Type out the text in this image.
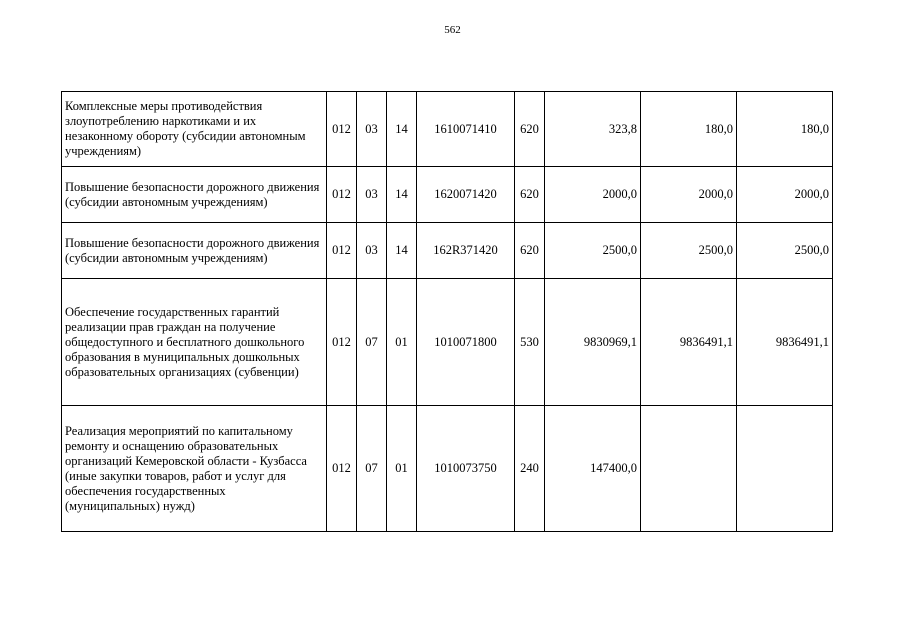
562
Комплексные меры противодействия злоупотреблению наркотиками и их незаконному обороту (субсидии автономным учреждениям)	012	03	14	1610071410	620	323,8	180,0	180,0
Повышение безопасности дорожного движения (субсидии автономным учреждениям)	012	03	14	1620071420	620	2000,0	2000,0	2000,0
Повышение безопасности дорожного движения (субсидии автономным учреждениям)	012	03	14	162R371420	620	2500,0	2500,0	2500,0
Обеспечение государственных гарантий реализации прав граждан на получение общедоступного и бесплатного дошкольного образования в муниципальных дошкольных образовательных организациях (субвенции)	012	07	01	1010071800	530	9830969,1	9836491,1	9836491,1
Реализация мероприятий по капитальному ремонту и оснащению образовательных организаций Кемеровской области - Кузбасса (иные закупки товаров, работ и услуг для обеспечения государственных (муниципальных) нужд)	012	07	01	1010073750	240	147400,0		
